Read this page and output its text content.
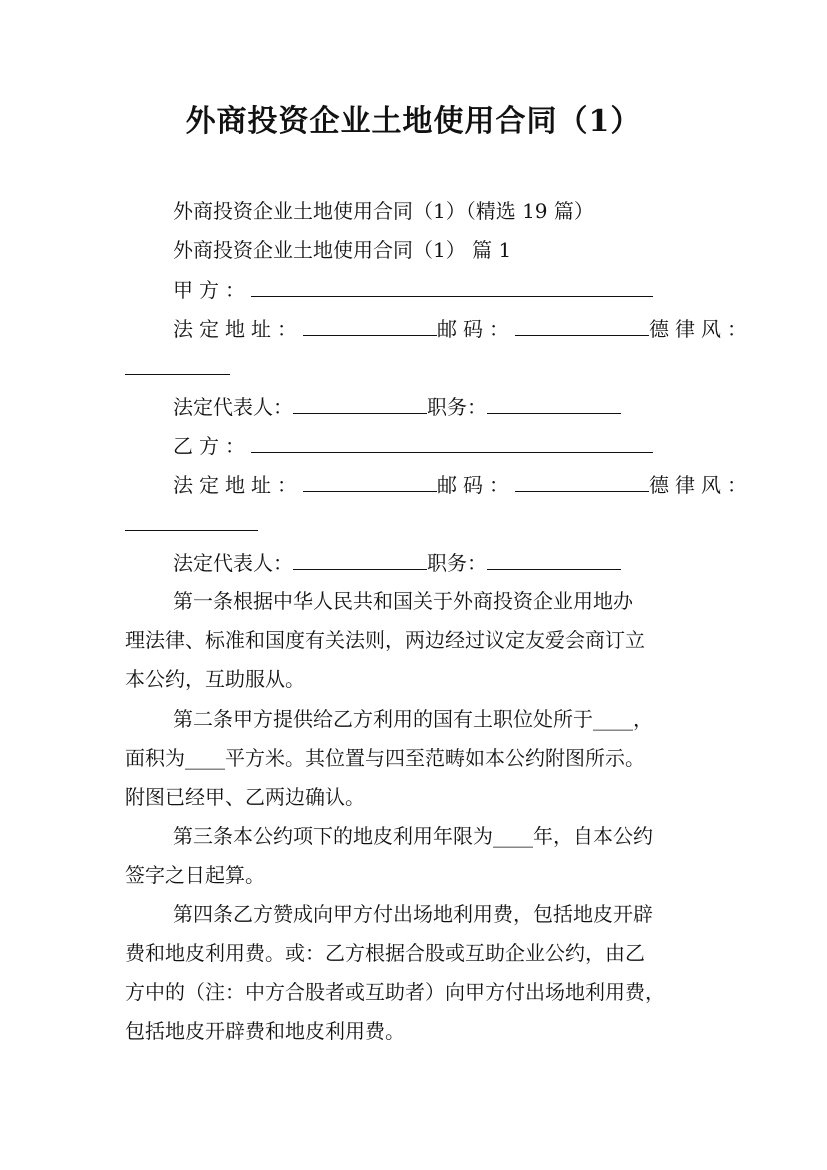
外商投资企业土地使用合同（1）
外商投资企业土地使用合同（1）（精选 19 篇）
外商投资企业土地使用合同（1） 篇 1
甲方：
法定地址：	邮码：	德律风：
法定代表人：	职务：
乙方：
法定地址：	邮码：	德律风：
法定代表人：	职务：
第一条根据中华人民共和国关于外商投资企业用地办
理法律、标准和国度有关法则，两边经过议定友爱会商订立
本公约，互助服从。
第二条甲方提供给乙方利用的国有土职位处所于____，
面积为____平方米。其位置与四至范畴如本公约附图所示。
附图已经甲、乙两边确认。
第三条本公约项下的地皮利用年限为____年，自本公约
签字之日起算。
第四条乙方赞成向甲方付出场地利用费，包括地皮开辟
费和地皮利用费。或：乙方根据合股或互助企业公约，由乙
方中的（注：中方合股者或互助者）向甲方付出场地利用费，
包括地皮开辟费和地皮利用费。
